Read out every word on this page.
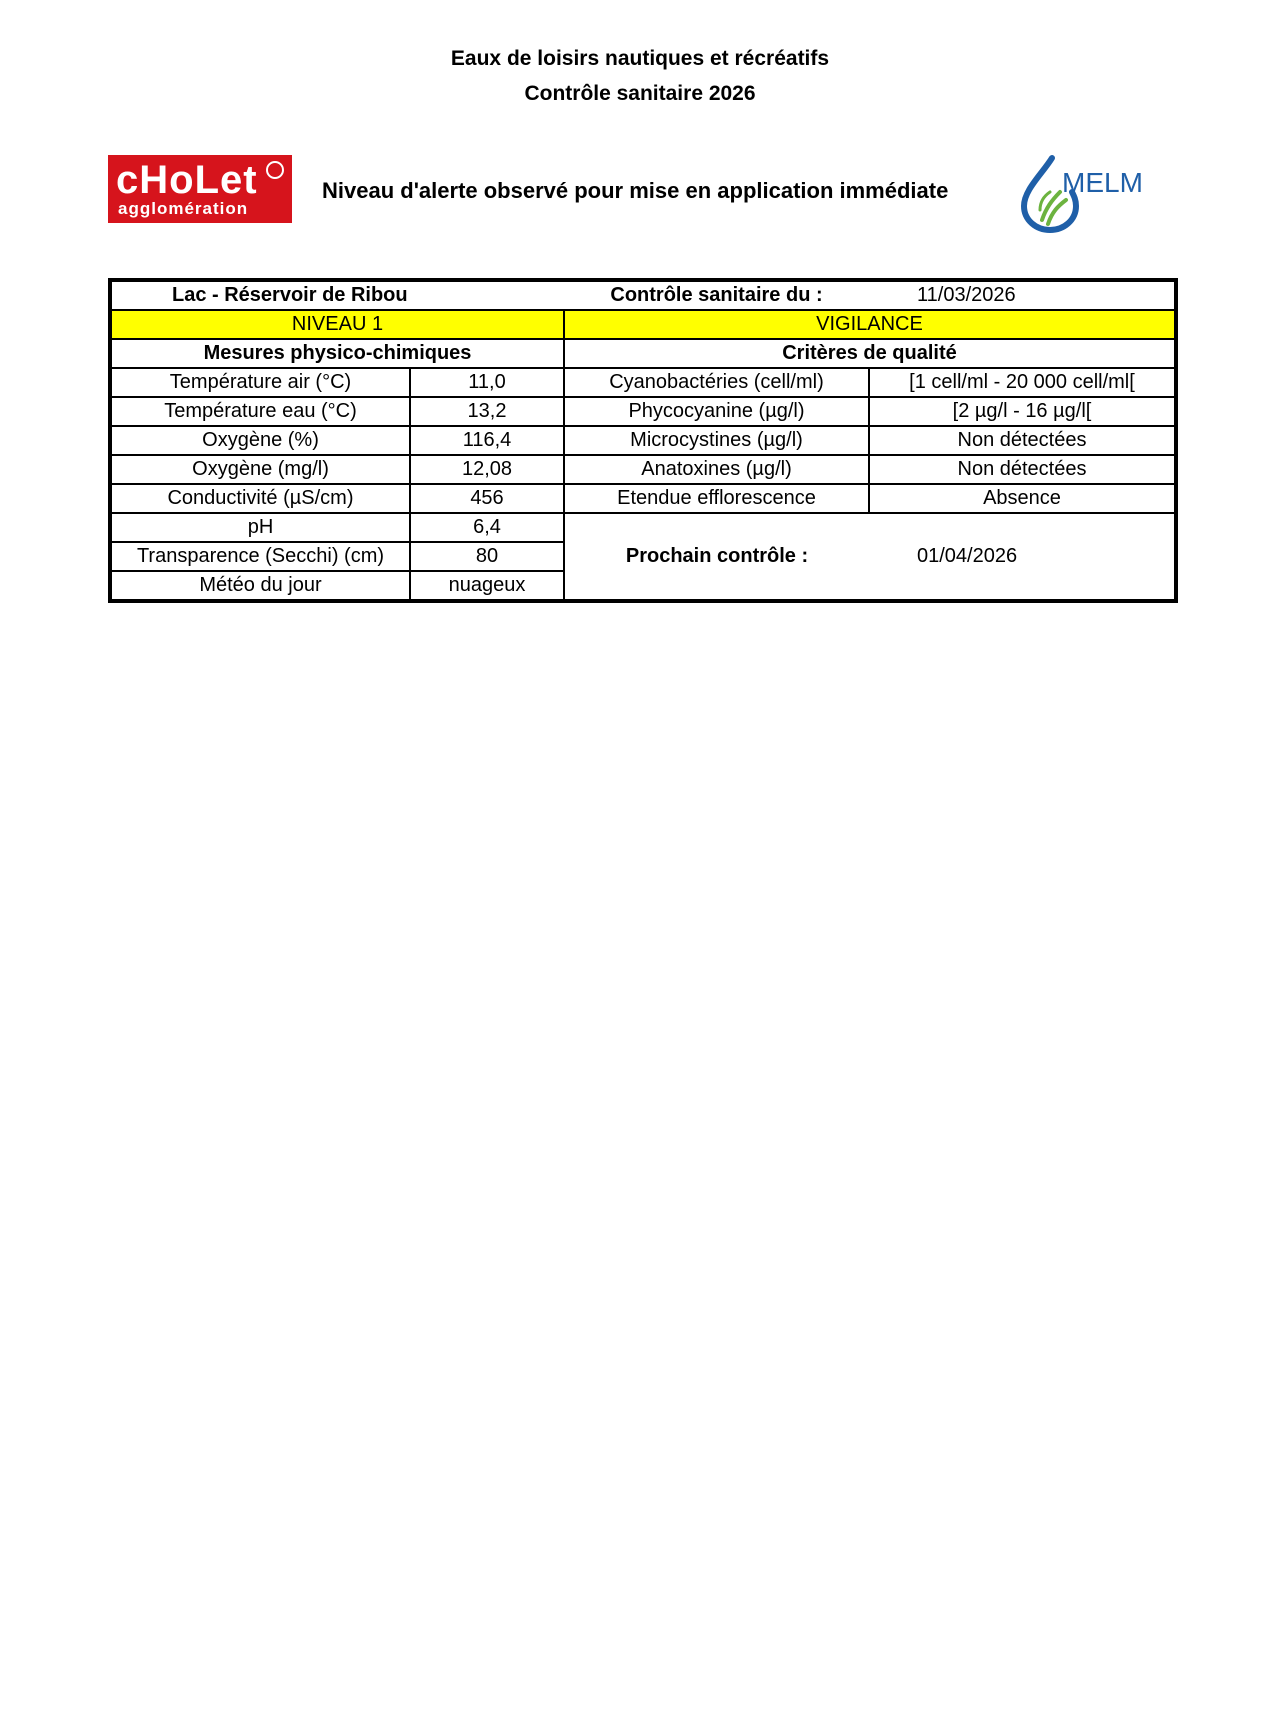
Eaux de loisirs nautiques et récréatifs
Contrôle sanitaire 2026
cHoLet
agglomération
Niveau d'alerte observé pour mise en application immédiate	MELM
Lac - Réservoir de Ribou		Contrôle sanitaire du :	11/03/2026
NIVEAU 1		VIGILANCE	
Mesures physico-chimiques		Critères de qualité	
Température air (°C)	11,0	Cyanobactéries (cell/ml)	[1 cell/ml - 20 000 cell/ml[
Température eau (°C)	13,2	Phycocyanine (µg/l)	[2 µg/l - 16 µg/l[
Oxygène (%)	116,4	Microcystines (µg/l)	Non détectées
Oxygène (mg/l)	12,08	Anatoxines (µg/l)	Non détectées
Conductivité (µS/cm)	456	Etendue efflorescence	Absence
pH	6,4	Prochain contrôle :	01/04/2026
Transparence (Secchi) (cm)	80		
Météo du jour	nuageux		
